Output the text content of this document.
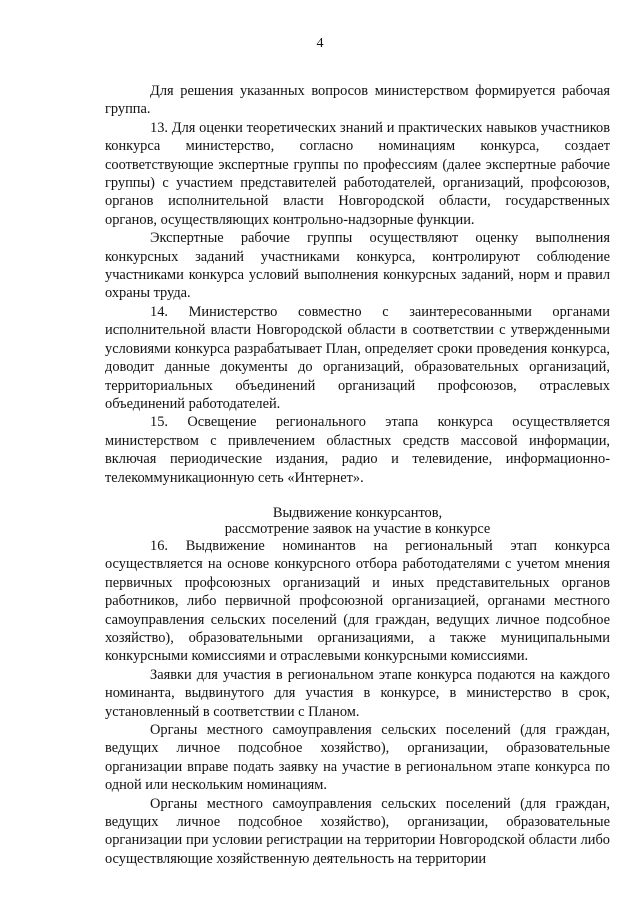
4

Для решения указанных вопросов министерством формируется рабочая группа.

13. Для оценки теоретических знаний и практических навыков участников конкурса министерство, согласно номинациям конкурса, создает соответствующие экспертные группы по профессиям (далее экспертные рабочие группы) с участием представителей работодателей, организаций, профсоюзов, органов исполнительной власти Новгородской области, государственных органов, осуществляющих контрольно-надзорные функции.

Экспертные рабочие группы осуществляют оценку выполнения конкурсных заданий участниками конкурса, контролируют соблюдение участниками конкурса условий выполнения конкурсных заданий, норм и правил охраны труда.

14. Министерство совместно с заинтересованными органами исполнительной власти Новгородской области в соответствии с утвержденными условиями конкурса разрабатывает План, определяет сроки проведения конкурса, доводит данные документы до организаций, образовательных организаций, территориальных объединений организаций профсоюзов, отраслевых объединений работодателей.

15. Освещение регионального этапа конкурса осуществляется министерством с привлечением областных средств массовой информации, включая периодические издания, радио и телевидение, информационно-телекоммуникационную сеть «Интернет».

Выдвижение конкурсантов,
рассмотрение заявок на участие в конкурсе

16. Выдвижение номинантов на региональный этап конкурса осуществляется на основе конкурсного отбора работодателями с учетом мнения первичных профсоюзных организаций и иных представительных органов работников, либо первичной профсоюзной организацией, органами местного самоуправления сельских поселений (для граждан, ведущих личное подсобное хозяйство), образовательными организациями, а также муниципальными конкурсными комиссиями и отраслевыми конкурсными комиссиями.

Заявки для участия в региональном этапе конкурса подаются на каждого номинанта, выдвинутого для участия в конкурсе, в министерство в срок, установленный в соответствии с Планом.

Органы местного самоуправления сельских поселений (для граждан, ведущих личное подсобное хозяйство), организации, образовательные организации вправе подать заявку на участие в региональном этапе конкурса по одной или нескольким номинациям.

Органы местного самоуправления сельских поселений (для граждан, ведущих личное подсобное хозяйство), организации, образовательные организации при условии регистрации на территории Новгородской области либо осуществляющие хозяйственную деятельность на территории
